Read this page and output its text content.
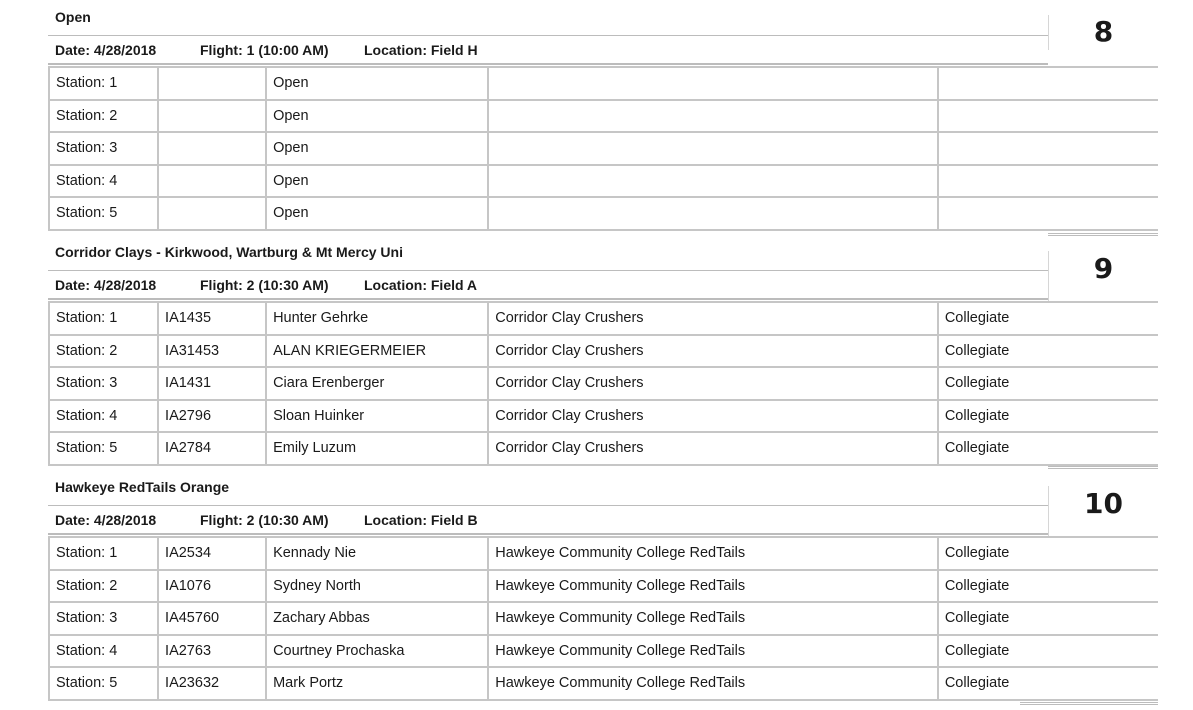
Open
Date: 4/28/2018	Flight: 1 (10:00 AM)	Location: Field H
8
Station: 1		Open		
Station: 2		Open		
Station: 3		Open		
Station: 4		Open		
Station: 5		Open		
Corridor Clays - Kirkwood, Wartburg & Mt Mercy Uni
Date: 4/28/2018	Flight: 2 (10:30 AM)	Location: Field A	9
Station: 1	IA1435	Hunter Gehrke	Corridor Clay Crushers	Collegiate
Station: 2	IA31453	ALAN KRIEGERMEIER	Corridor Clay Crushers	Collegiate
Station: 3	IA1431	Ciara Erenberger	Corridor Clay Crushers	Collegiate
Station: 4	IA2796	Sloan Huinker	Corridor Clay Crushers	Collegiate
Station: 5	IA2784	Emily Luzum	Corridor Clay Crushers	Collegiate
Hawkeye RedTails Orange
Date: 4/28/2018	Flight: 2 (10:30 AM)	Location: Field B	10
Station: 1	IA2534	Kennady Nie	Hawkeye Community College RedTails	Collegiate
Station: 2	IA1076	Sydney North	Hawkeye Community College RedTails	Collegiate
Station: 3	IA45760	Zachary Abbas	Hawkeye Community College RedTails	Collegiate
Station: 4	IA2763	Courtney Prochaska	Hawkeye Community College RedTails	Collegiate
Station: 5	IA23632	Mark Portz	Hawkeye Community College RedTails	Collegiate
